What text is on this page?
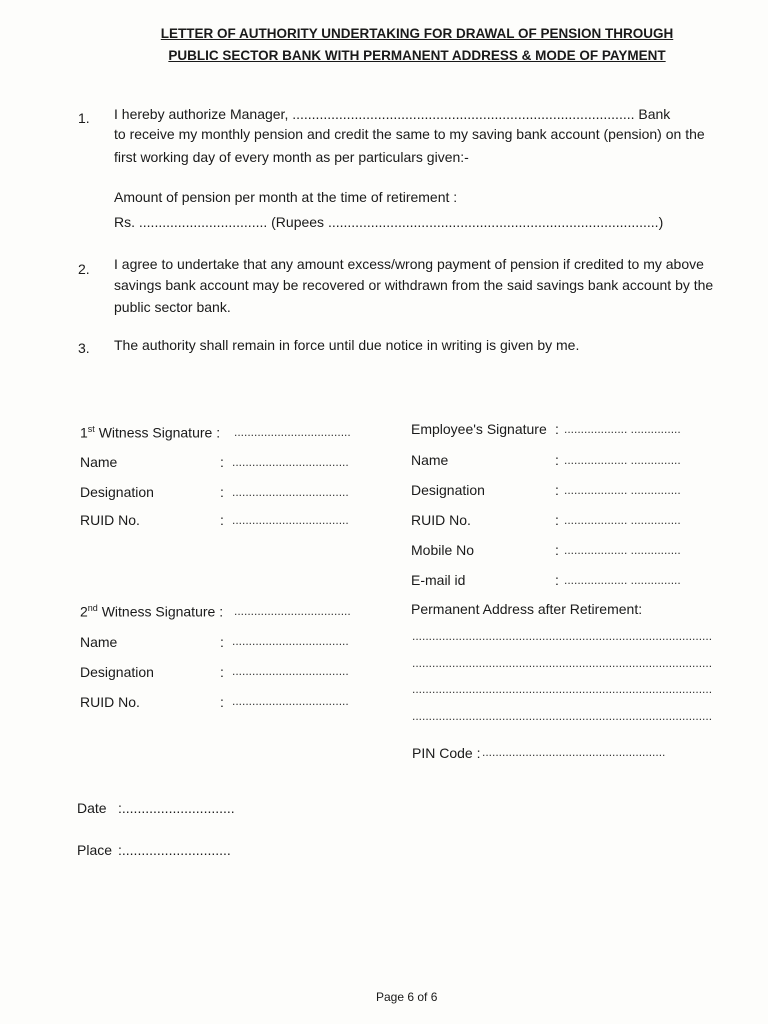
LETTER OF AUTHORITY UNDERTAKING FOR DRAWAL OF PENSION THROUGH
PUBLIC SECTOR BANK WITH PERMANENT ADDRESS & MODE OF PAYMENT
1. I hereby authorize Manager, ........................................................................................ Bank
to receive my monthly pension and credit the same to my saving bank account (pension) on the
first working day of every month as per particulars given:-
Amount of pension per month at the time of retirement :
Rs. ................................. (Rupees .....................................................................................)
2. I agree to undertake that any amount excess/wrong payment of pension if credited to my above
savings bank account may be recovered or withdrawn from the said savings bank account by the
public sector bank.
3. The authority shall remain in force until due notice in writing is given by me.
1st Witness Signature : ...................................
Name	: ...................................
Designation	: ...................................
RUID No.	: ...................................
2nd Witness Signature : ...................................
Name	: ...................................
Designation	: ...................................
RUID No.	: ...................................
Employee's Signature : ................... ...............
Name	: ................... ...............
Designation	: ................... ...............
RUID No.	: ................... ...............
Mobile No	: ................... ...............
E-mail id	: ................... ...............
Permanent Address after Retirement:
..........................................................................................
..........................................................................................
..........................................................................................
..........................................................................................
PIN Code : .......................................................
Date :.............................
Place :............................
Page 6 of 6
